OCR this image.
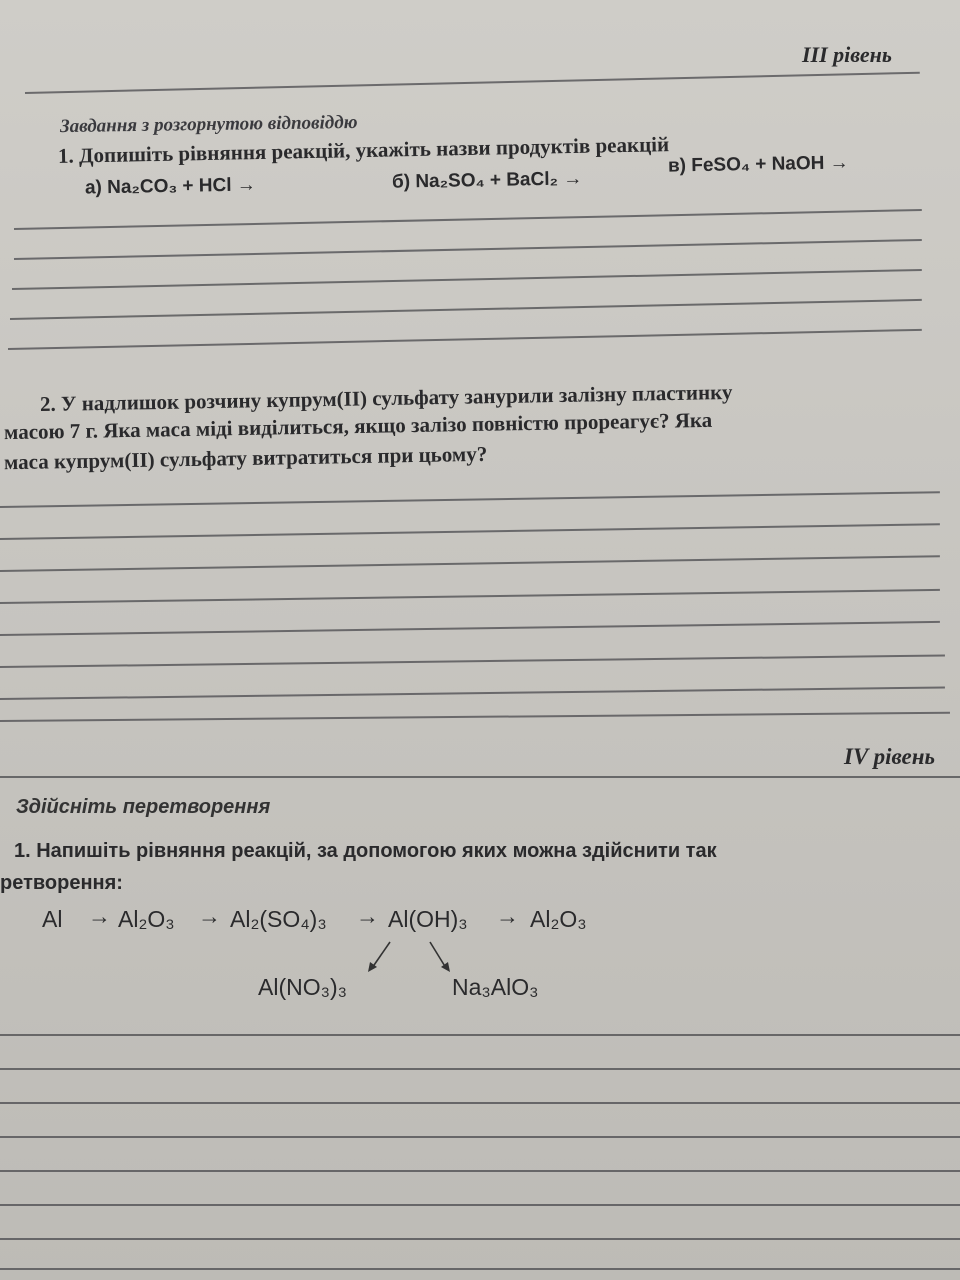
III рівень
Завдання з розгорнутою відповіддю
1. Допишіть рівняння реакцій, укажіть назви продуктів реакцій
а) Na₂CO₃ + HCl →	б) Na₂SO₄ + BaCl₂ →
в) FeSO₄ + NaOH →
2. У надлишок розчину купрум(II) сульфату занурили залізну пластинку
масою 7 г. Яка маса міді виділиться, якщо залізо повністю прореагує? Яка
маса купрум(II) сульфату витратиться при цьому?
IV рівень
Здійсніть перетворення
1. Напишіть рівняння реакцій, за допомогою яких можна здійснити так
ретворення:
Al → Al₂O₃ → Al₂(SO₄)₃ → Al(OH)₃ → Al₂O₃
Al(NO₃)₃	Na₃AlO₃
